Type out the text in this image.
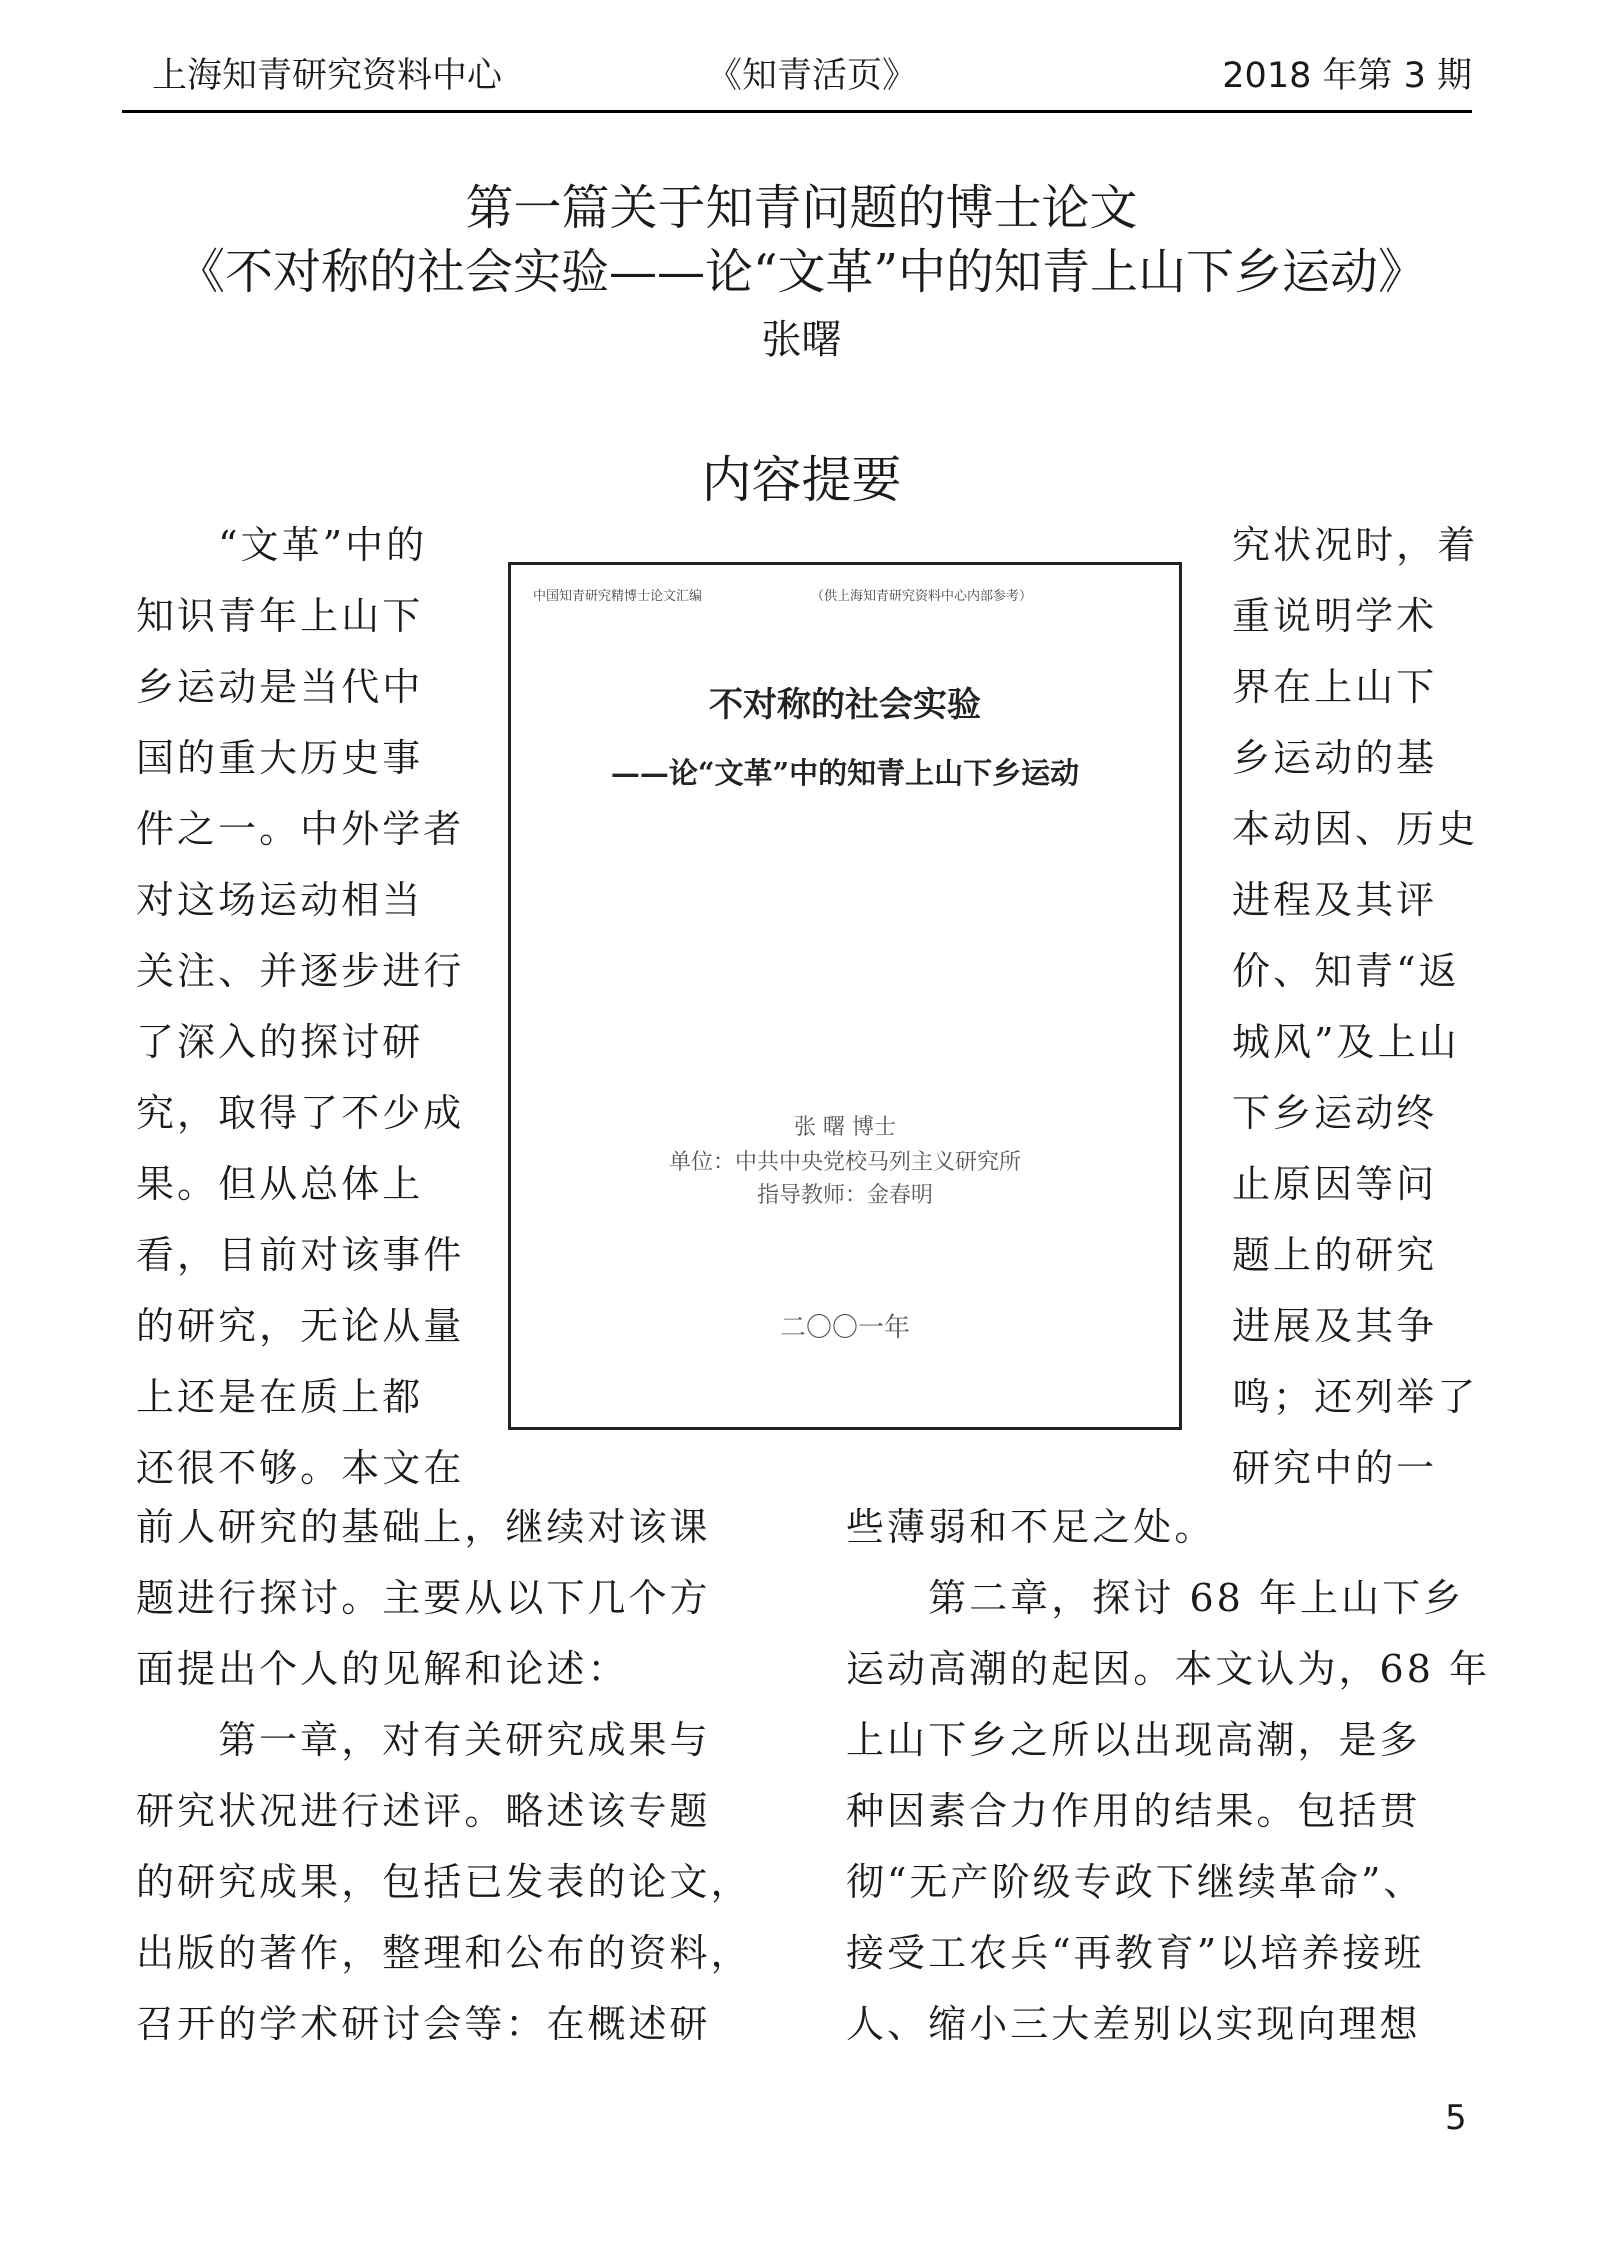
上海知青研究资料中心	《知青活页》	2018 年第 3 期
第一篇关于知青问题的博士论文
《不对称的社会实验——论“文革”中的知青上山下乡运动》
张曙
内容提要
　　“文革”中的
知识青年上山下
乡运动是当代中
国的重大历史事
件之一。中外学者
对这场运动相当
关注、并逐步进行
了深入的探讨研
究，取得了不少成
果。但从总体上
看，目前对该事件
的研究，无论从量
上还是在质上都
还很不够。本文在
中国知青研究精博士论文汇编	（供上海知青研究资料中心内部参考）
不对称的社会实验
——论“文革”中的知青上山下乡运动
张 曙 博士
单位：中共中央党校马列主义研究所
指导教师：金春明
二〇〇一年
究状况时，着
重说明学术
界在上山下
乡运动的基
本动因、历史
进程及其评
价、知青“返
城风”及上山
下乡运动终
止原因等问
题上的研究
进展及其争
鸣；还列举了
研究中的一
前人研究的基础上，继续对该课
题进行探讨。主要从以下几个方
面提出个人的见解和论述：
　　第一章，对有关研究成果与
研究状况进行述评。略述该专题
的研究成果，包括已发表的论文，
出版的著作，整理和公布的资料，
召开的学术研讨会等：在概述研
些薄弱和不足之处。
　　第二章，探讨 68 年上山下乡
运动高潮的起因。本文认为，68 年
上山下乡之所以出现高潮，是多
种因素合力作用的结果。包括贯
彻“无产阶级专政下继续革命”、
接受工农兵“再教育”以培养接班
人、缩小三大差别以实现向理想
5
